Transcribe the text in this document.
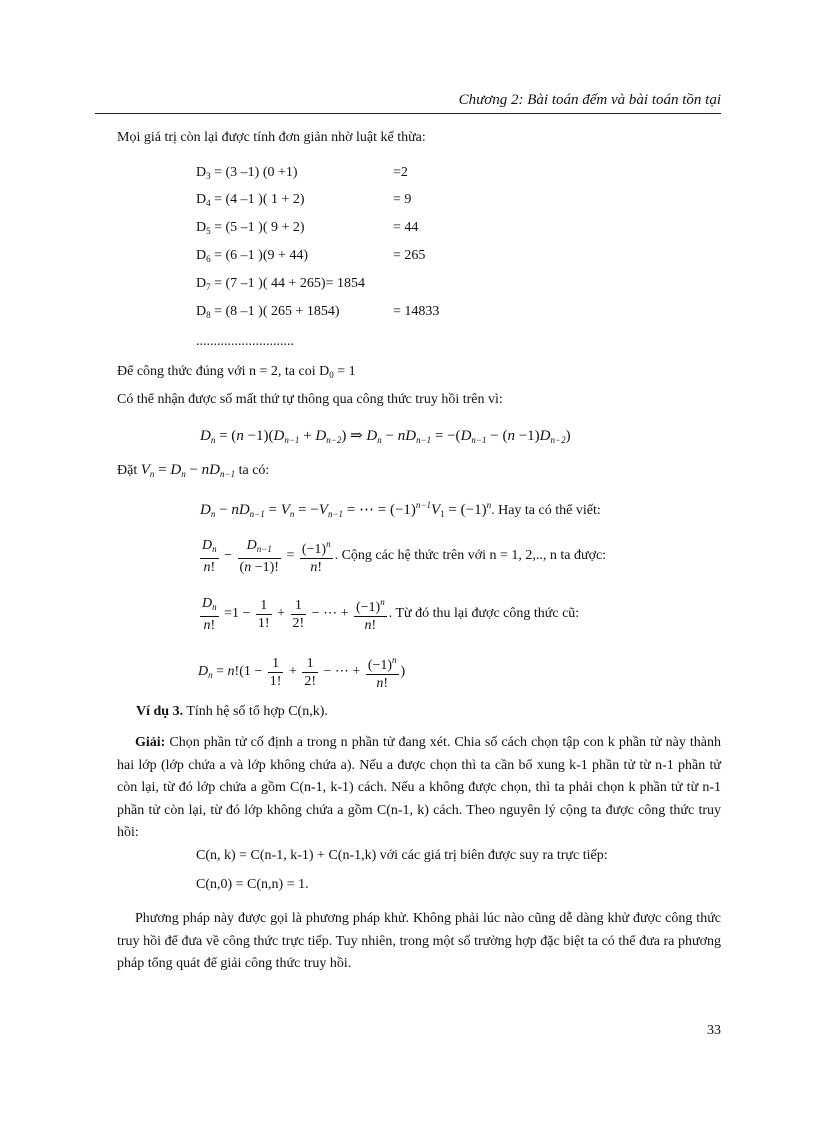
Chương 2: Bài toán đếm và bài toán tồn tại
Mọi giá trị còn lại được tính đơn giản nhờ luật kế thừa:
$D_3 = (3$ –1) (0 +1)	=2
$D_4 = (4$ –1 )( 1 + 2)	= 9
$D_5 = (5$ –1 )( 9 + 2)	= 44
$D_6 = (6$ –1 )(9 + 44)	= 265
$D_7 = (7$ –1 )( 44 + 265)= 1854
$D_8 = (8$ –1 )( 265 + 1854)	= 14833
............................
Để công thức đúng với n = 2, ta coi $D_0 = 1$
Có thể nhận được số mất thứ tự thông qua công thức truy hồi trên vì:
$D_n = (n -1)(D_{n-1} + D_{n-2})$ ⇒ $D_n - nD_{n-1} = -(D_{n-1} - (n -1)D_{n-2})$
Đặt $V_n = D_n - nD_{n-1}$ ta có:
$D_n - nD_{n-1} = V_n = -V_{n-1}$ = ⋯ = $(-1)^{n-1}V_1 = (-1)^n$. Hay ta có thể viết:
$\frac{D_n}{n!} - \frac{D_{n-1}}{(n -1)!} = \frac{(-1)^n}{n!}$ . Cộng các hệ thức trên với n = 1, 2,.., n ta được:
$\frac{D_n}{n!} =1 - \frac{1}{1!} + \frac{1}{2!}$ − ⋯ + $\frac{(-1)^n}{n!}$ . Từ đó thu lại được công thức cũ:
$D_n = n!(1 - \frac{1}{1!} + \frac{1}{2!}$ − ⋯ + $\frac{(-1)^n}{n!}$ )
Ví dụ 3. Tính hệ số tổ hợp C(n,k).
Giải: Chọn phần tử cố định a trong n phần tử đang xét. Chia số cách chọn tập con k phần tử này thành hai lớp (lớp chứa a và lớp không chứa a). Nếu a được chọn thì ta cần bổ xung k-1 phần tử từ n-1 phần tử còn lại, từ đó lớp chứa a gồm C(n-1, k-1) cách. Nếu a không được chọn, thì ta phải chọn k phần tử từ n-1 phần tử còn lại, từ đó lớp không chứa a gồm C(n-1, k) cách. Theo nguyên lý cộng ta được công thức truy hồi:
C(n, k) = C(n-1, k-1) + C(n-1,k) với các giá trị biên được suy ra trực tiếp:
C(n,0) = C(n,n) = 1.
Phương pháp này được gọi là phương pháp khử. Không phải lúc nào cũng dễ dàng khử được công thức truy hồi để đưa về công thức trực tiếp. Tuy nhiên, trong một số trường hợp đặc biệt ta có thể đưa ra phương pháp tổng quát để giải công thức truy hồi.
33
